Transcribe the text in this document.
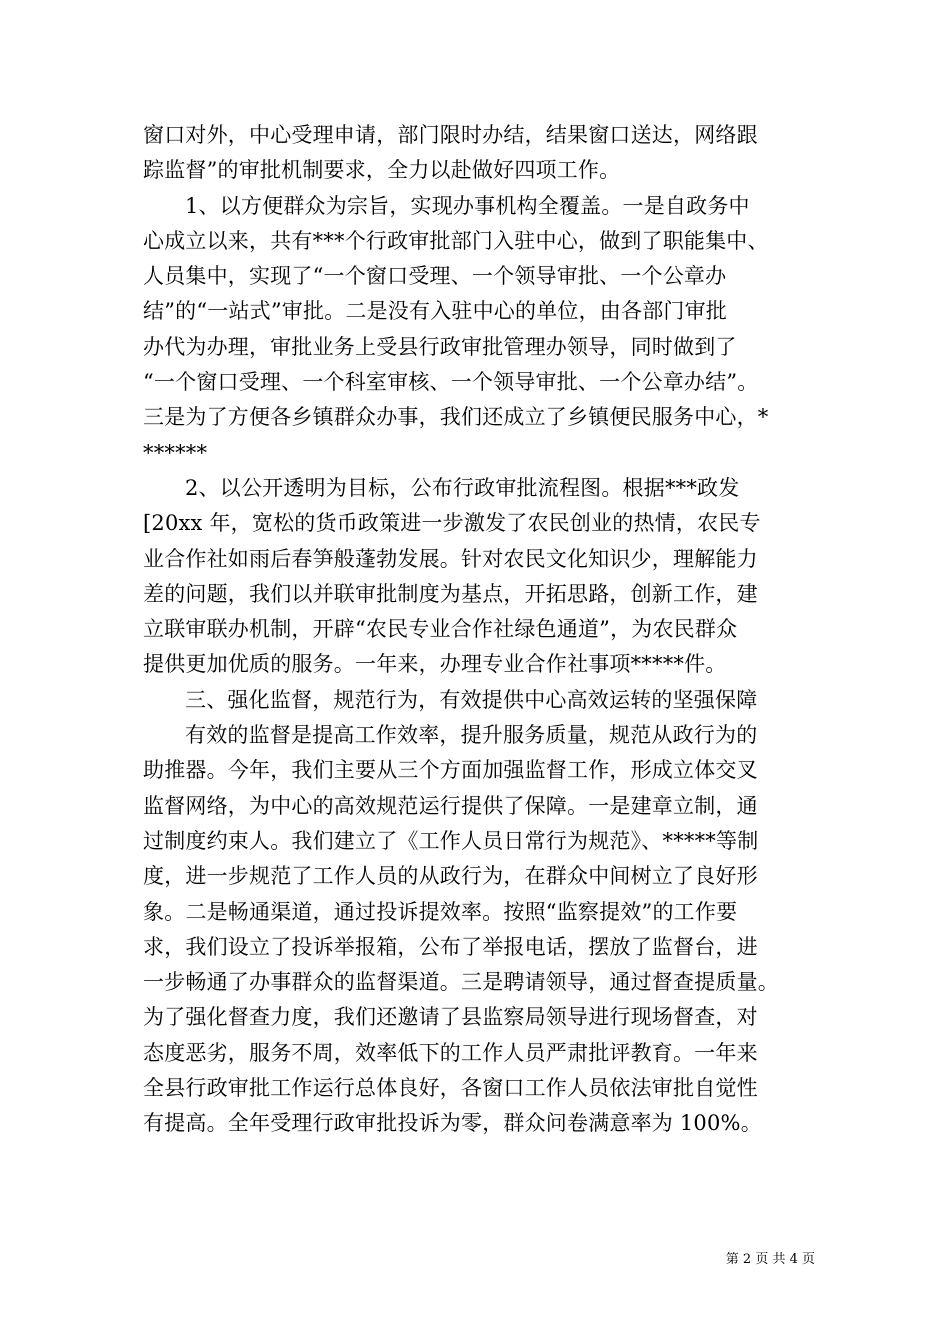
窗口对外，中心受理申请，部门限时办结，结果窗口送达，网络跟
踪监督”的审批机制要求，全力以赴做好四项工作。
1、以方便群众为宗旨，实现办事机构全覆盖。一是自政务中
心成立以来，共有***个行政审批部门入驻中心，做到了职能集中、
人员集中，实现了“一个窗口受理、一个领导审批、一个公章办
结”的“一站式”审批。二是没有入驻中心的单位，由各部门审批
办代为办理，审批业务上受县行政审批管理办领导，同时做到了
“一个窗口受理、一个科室审核、一个领导审批、一个公章办结”。
三是为了方便各乡镇群众办事，我们还成立了乡镇便民服务中心，*
******
2、以公开透明为目标，公布行政审批流程图。根据***政发
[20xx 年，宽松的货币政策进一步激发了农民创业的热情，农民专
业合作社如雨后春笋般蓬勃发展。针对农民文化知识少，理解能力
差的问题，我们以并联审批制度为基点，开拓思路，创新工作，建
立联审联办机制，开辟“农民专业合作社绿色通道”，为农民群众
提供更加优质的服务。一年来，办理专业合作社事项*****件。
三、强化监督，规范行为，有效提供中心高效运转的坚强保障
有效的监督是提高工作效率，提升服务质量，规范从政行为的
助推器。今年，我们主要从三个方面加强监督工作，形成立体交叉
监督网络，为中心的高效规范运行提供了保障。一是建章立制，通
过制度约束人。我们建立了《工作人员日常行为规范》、*****等制
度，进一步规范了工作人员的从政行为，在群众中间树立了良好形
象。二是畅通渠道，通过投诉提效率。按照“监察提效”的工作要
求，我们设立了投诉举报箱，公布了举报电话，摆放了监督台，进
一步畅通了办事群众的监督渠道。三是聘请领导，通过督查提质量。
为了强化督查力度，我们还邀请了县监察局领导进行现场督查，对
态度恶劣，服务不周，效率低下的工作人员严肃批评教育。一年来
全县行政审批工作运行总体良好，各窗口工作人员依法审批自觉性
有提高。全年受理行政审批投诉为零，群众问卷满意率为 100%。
第 2 页 共 4 页
